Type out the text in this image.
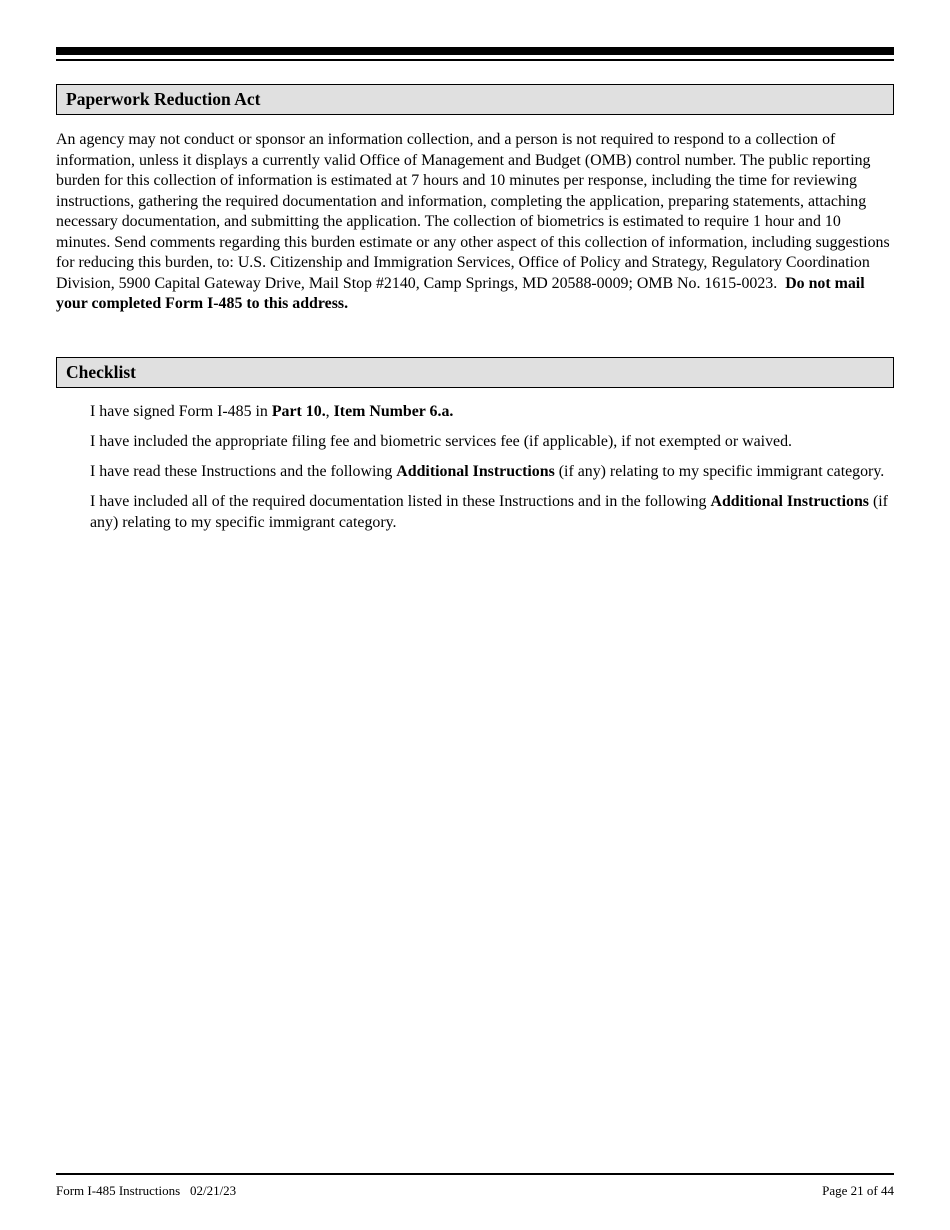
Paperwork Reduction Act
An agency may not conduct or sponsor an information collection, and a person is not required to respond to a collection of information, unless it displays a currently valid Office of Management and Budget (OMB) control number. The public reporting burden for this collection of information is estimated at 7 hours and 10 minutes per response, including the time for reviewing instructions, gathering the required documentation and information, completing the application, preparing statements, attaching necessary documentation, and submitting the application. The collection of biometrics is estimated to require 1 hour and 10 minutes. Send comments regarding this burden estimate or any other aspect of this collection of information, including suggestions for reducing this burden, to: U.S. Citizenship and Immigration Services, Office of Policy and Strategy, Regulatory Coordination Division, 5900 Capital Gateway Drive, Mail Stop #2140, Camp Springs, MD 20588-0009; OMB No. 1615-0023. Do not mail your completed Form I-485 to this address.
Checklist
I have signed Form I-485 in Part 10., Item Number 6.a.
I have included the appropriate filing fee and biometric services fee (if applicable), if not exempted or waived.
I have read these Instructions and the following Additional Instructions (if any) relating to my specific immigrant category.
I have included all of the required documentation listed in these Instructions and in the following Additional Instructions (if any) relating to my specific immigrant category.
Form I-485 Instructions   02/21/23	Page 21 of 44
